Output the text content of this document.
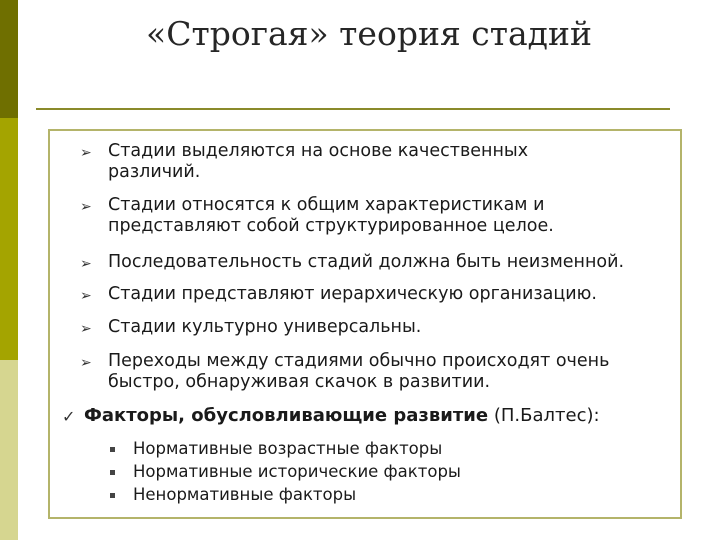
«Строгая» теория стадий
➢ Стадии выделяются на основе качественных
различий.
➢ Стадии относятся к общим характеристикам и
представляют собой структурированное целое.
➢ Последовательность стадий должна быть неизменной.
➢ Стадии представляют иерархическую организацию.
➢ Стадии культурно универсальны.
➢ Переходы между стадиями обычно происходят очень
быстро, обнаруживая скачок в развитии.
✓ Факторы, обусловливающие развитие (П.Балтес):
Нормативные возрастные факторы
Нормативные исторические факторы
Ненормативные факторы
